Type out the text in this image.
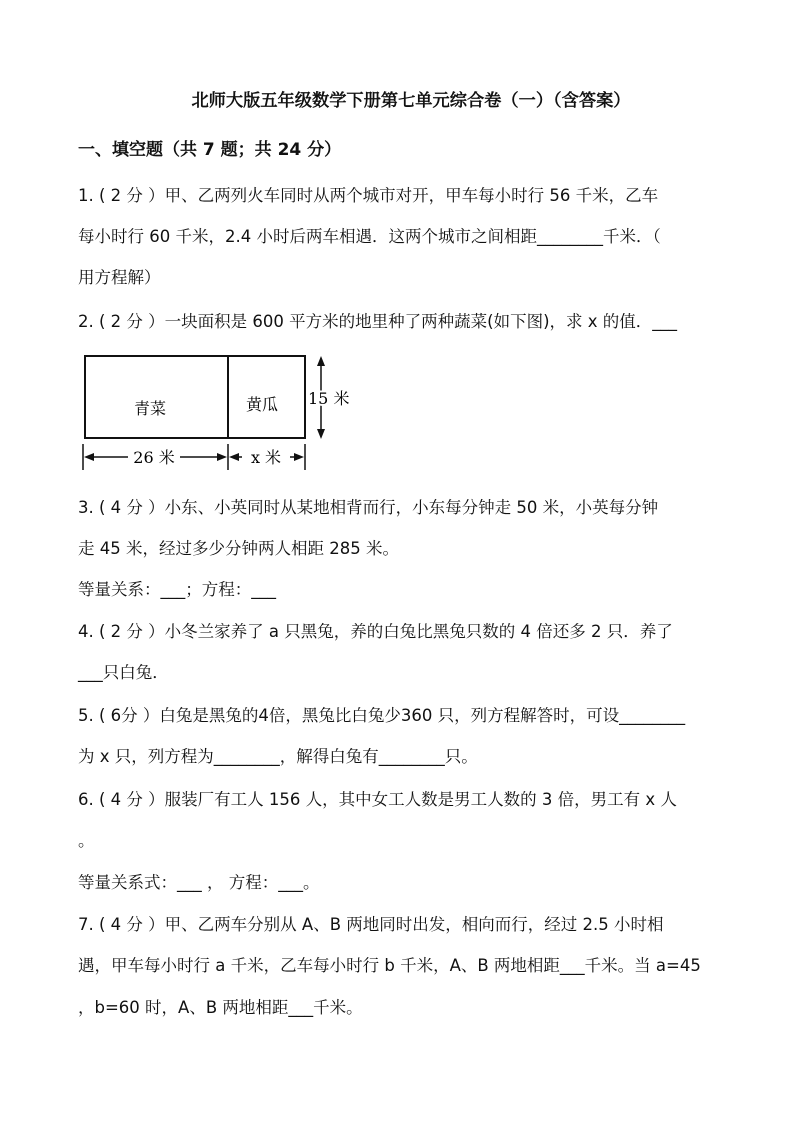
北师大版五年级数学下册第七单元综合卷（一）（含答案）
一、填空题（共 7 题；共 24 分）
1. ( 2 分 ）甲、乙两列火车同时从两个城市对开，甲车每小时行 56 千米，乙车
每小时行 60 千米，2.4 小时后两车相遇．这两个城市之间相距________千米．（
用方程解）
2. ( 2 分 ）一块面积是 600 平方米的地里种了两种蔬菜(如下图)，求 x 的值．___
青菜	黄瓜 15 米
26 米	x 米
3. ( 4 分 ）小东、小英同时从某地相背而行，小东每分钟走 50 米，小英每分钟
走 45 米，经过多少分钟两人相距 285 米。
等量关系：___；方程：___
4. ( 2 分 ）小冬兰家养了 a 只黑兔，养的白兔比黑兔只数的 4 倍还多 2 只．养了
___只白兔．
5. ( 6分 ）白兔是黑兔的4倍，黑兔比白兔少360 只，列方程解答时，可设________
为 x 只，列方程为________，解得白兔有________只。
6. ( 4 分 ）服装厂有工人 156 人，其中女工人数是男工人数的 3 倍，男工有 x 人
。
等量关系式：___ ， 方程：___。
7. ( 4 分 ）甲、乙两车分别从 A、B 两地同时出发，相向而行，经过 2.5 小时相
遇，甲车每小时行 a 千米，乙车每小时行 b 千米，A、B 两地相距___千米。当 a=45
，b=60 时，A、B 两地相距___千米。
